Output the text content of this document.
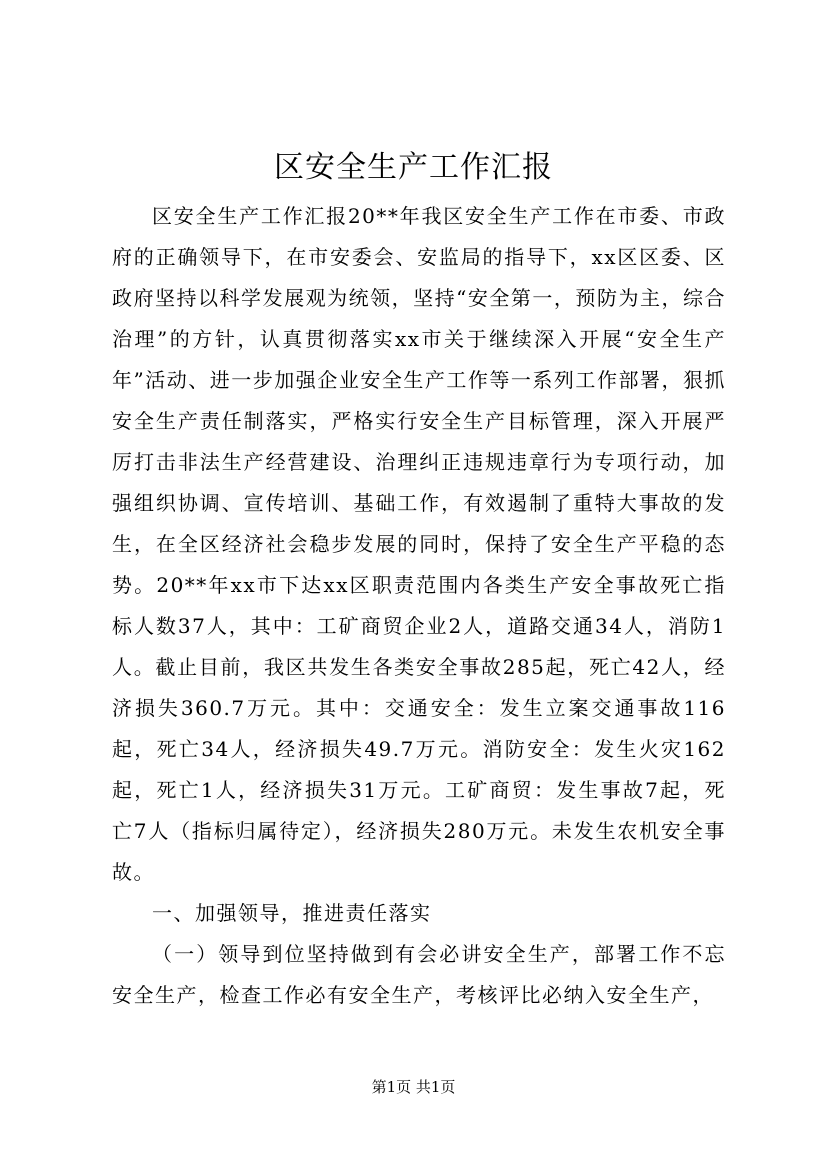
区安全生产工作汇报

区安全生产工作汇报20**年我区安全生产工作在市委、市政府的正确领导下，在市安委会、安监局的指导下，xx区区委、区政府坚持以科学发展观为统领，坚持“安全第一，预防为主，综合治理”的方针，认真贯彻落实xx市关于继续深入开展“安全生产年”活动、进一步加强企业安全生产工作等一系列工作部署，狠抓安全生产责任制落实，严格实行安全生产目标管理，深入开展严厉打击非法生产经营建设、治理纠正违规违章行为专项行动，加强组织协调、宣传培训、基础工作，有效遏制了重特大事故的发生，在全区经济社会稳步发展的同时，保持了安全生产平稳的态势。20**年xx市下达xx区职责范围内各类生产安全事故死亡指标人数37人，其中：工矿商贸企业2人，道路交通34人，消防1人。截止目前，我区共发生各类安全事故285起，死亡42人，经济损失360.7万元。其中：交通安全：发生立案交通事故116起，死亡34人，经济损失49.7万元。消防安全：发生火灾162起，死亡1人，经济损失31万元。工矿商贸：发生事故7起，死亡7人（指标归属待定），经济损失280万元。未发生农机安全事故。

一、加强领导，推进责任落实

（一）领导到位坚持做到有会必讲安全生产，部署工作不忘安全生产，检查工作必有安全生产，考核评比必纳入安全生产，

第1页 共1页
